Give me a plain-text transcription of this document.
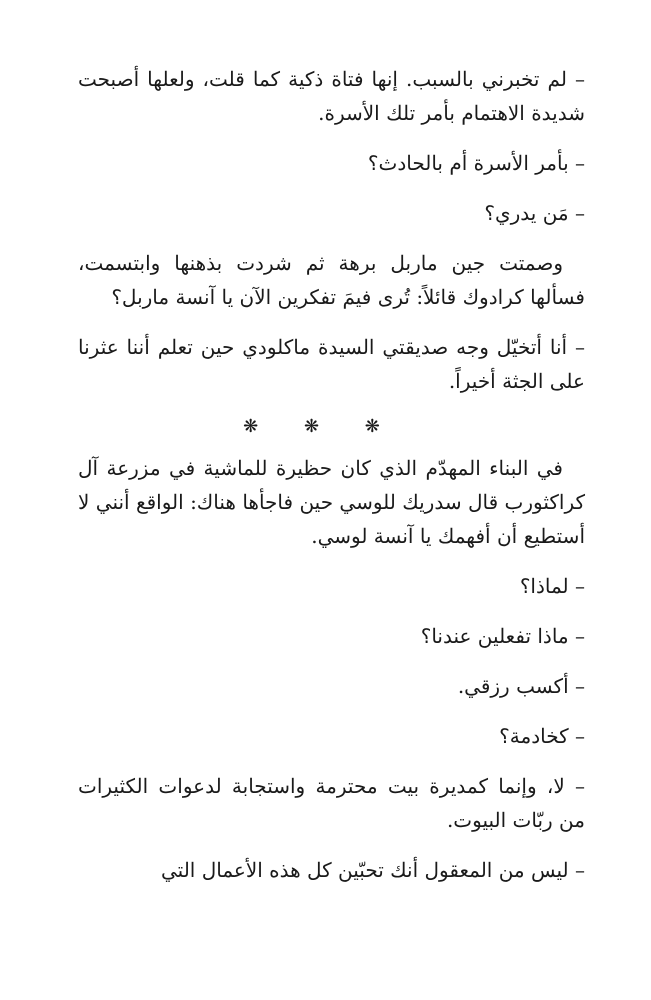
– لم تخبرني بالسبب. إنها فتاة ذكية كما قلت، ولعلها أصبحت شديدة الاهتمام بأمر تلك الأسرة.

– بأمر الأسرة أم بالحادث؟

– مَن يدري؟

وصمتت جين ماربل برهة ثم شردت بذهنها وابتسمت، فسألها كرادوك قائلاً: تُرى فيمَ تفكرين الآن يا آنسة ماربل؟

– أنا أتخيّل وجه صديقتي السيدة ماكلودي حين تعلم أننا عثرنا على الجثة أخيراً.

❋ ❋ ❋

في البناء المهدّم الذي كان حظيرة للماشية في مزرعة آل كراكثورب قال سدريك للوسي حين فاجأها هناك: الواقع أنني لا أستطيع أن أفهمك يا آنسة لوسي.

– لماذا؟

– ماذا تفعلين عندنا؟

– أكسب رزقي.

– كخادمة؟

– لا، وإنما كمديرة بيت محترمة واستجابة لدعوات الكثيرات من ربّات البيوت.

– ليس من المعقول أنك تحبّين كل هذه الأعمال التي
